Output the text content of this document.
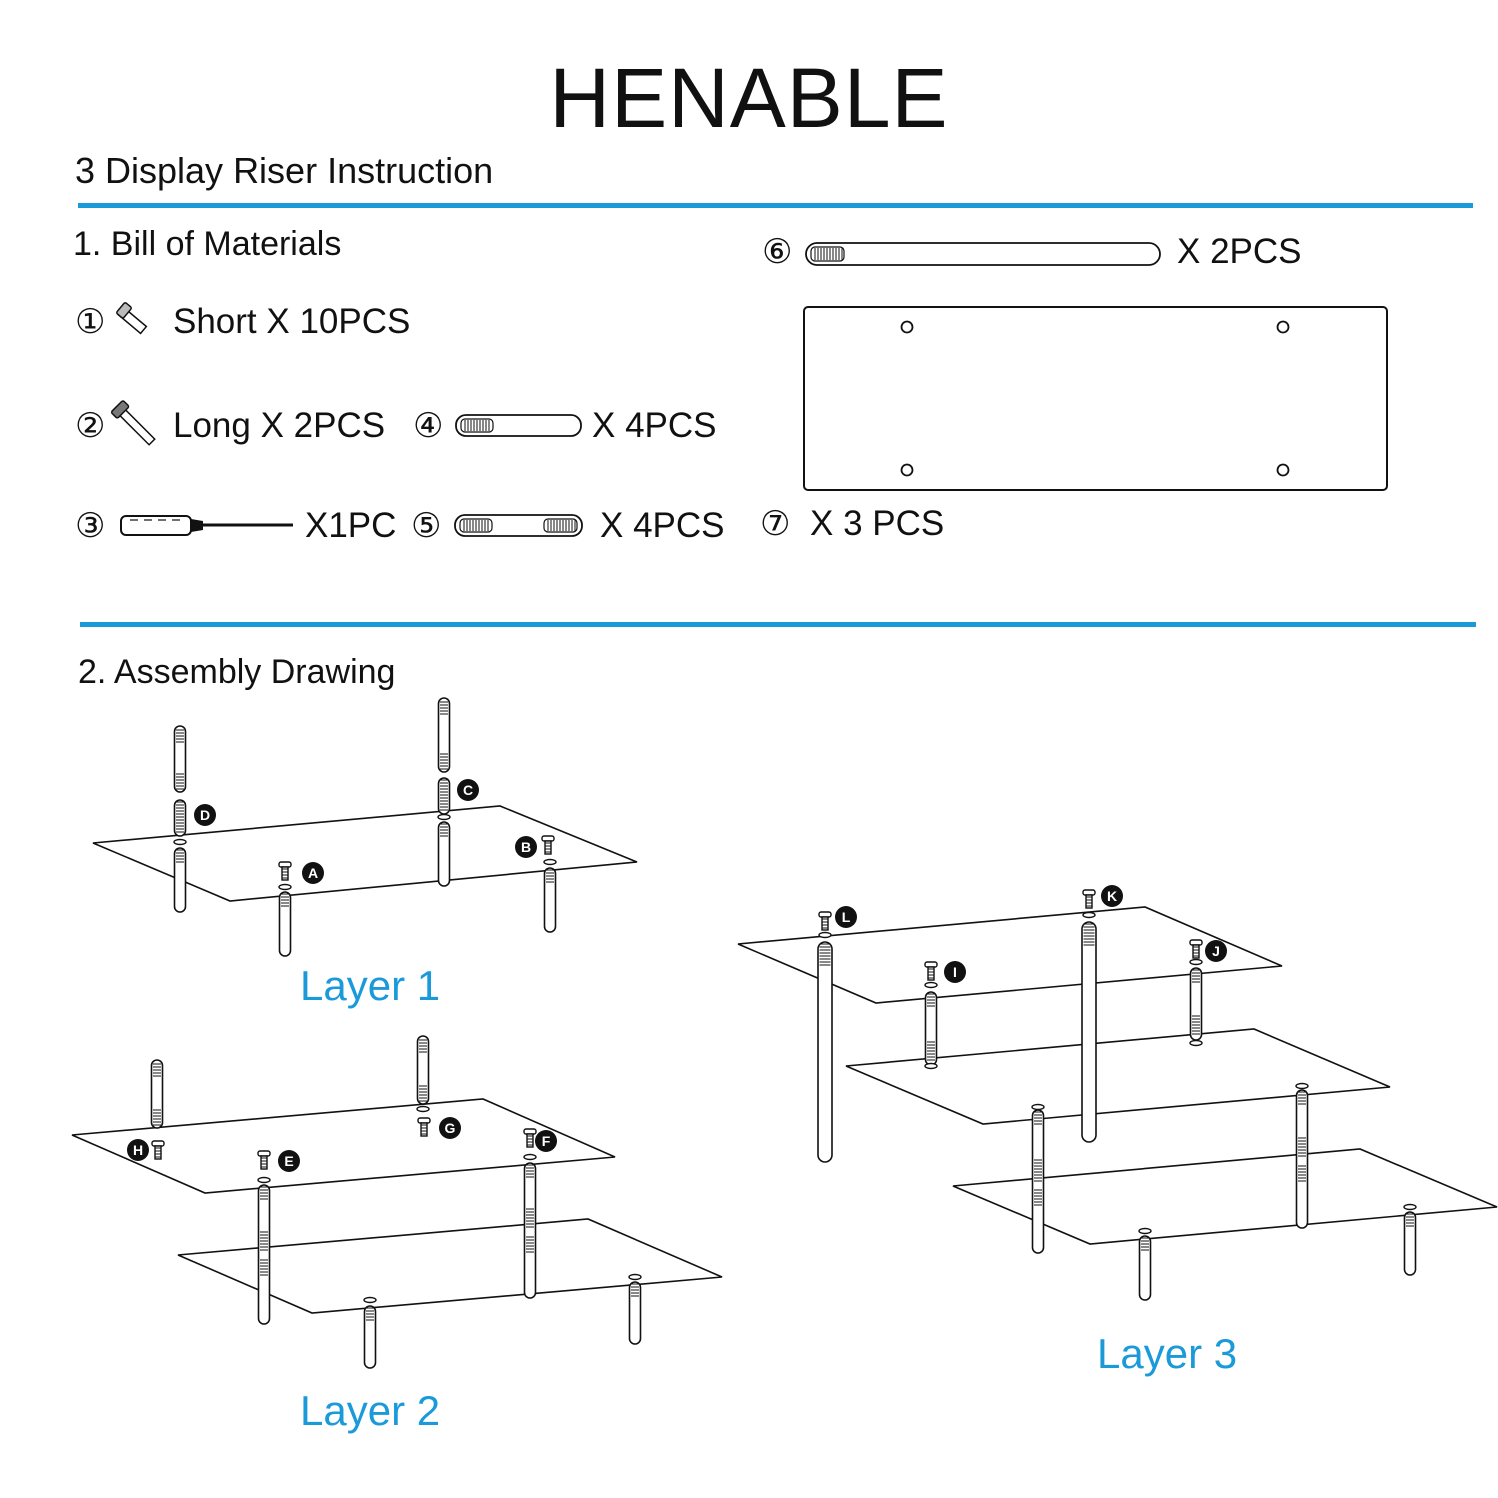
HENABLE
3 Display Riser Instruction
1. Bill of Materials
① Short X 10PCS
② Long X 2PCS
③	X1PC
④	X 4PCS
⑤	X 4PCS
⑥	X 2PCS
⑦ X 3 PCS
2. Assembly Drawing
Layer 1
Layer 2
Layer 3
D
C
A
B
H
G
E
F
L
K
I
J
